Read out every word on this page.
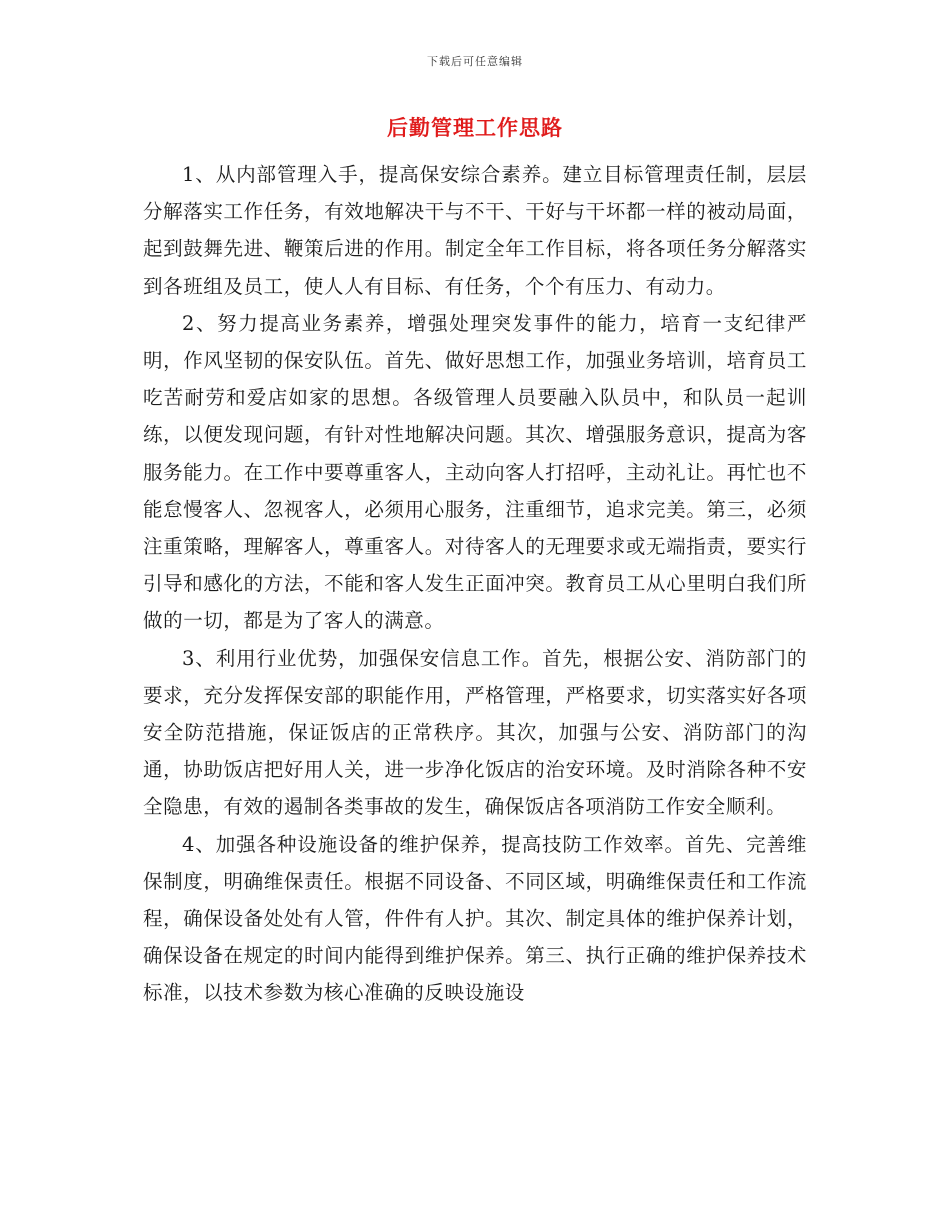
下载后可任意编辑
后勤管理工作思路

1、从内部管理入手，提高保安综合素养。建立目标管理责任制，层层分解落实工作任务，有效地解决干与不干、干好与干坏都一样的被动局面，起到鼓舞先进、鞭策后进的作用。制定全年工作目标，将各项任务分解落实到各班组及员工，使人人有目标、有任务，个个有压力、有动力。

2、努力提高业务素养，增强处理突发事件的能力，培育一支纪律严明，作风坚韧的保安队伍。首先、做好思想工作，加强业务培训，培育员工吃苦耐劳和爱店如家的思想。各级管理人员要融入队员中，和队员一起训练，以便发现问题，有针对性地解决问题。其次、增强服务意识，提高为客服务能力。在工作中要尊重客人，主动向客人打招呼，主动礼让。再忙也不能怠慢客人、忽视客人，必须用心服务，注重细节，追求完美。第三，必须注重策略，理解客人，尊重客人。对待客人的无理要求或无端指责，要实行引导和感化的方法，不能和客人发生正面冲突。教育员工从心里明白我们所做的一切，都是为了客人的满意。

3、利用行业优势，加强保安信息工作。首先，根据公安、消防部门的要求，充分发挥保安部的职能作用，严格管理，严格要求，切实落实好各项安全防范措施，保证饭店的正常秩序。其次，加强与公安、消防部门的沟通，协助饭店把好用人关，进一步净化饭店的治安环境。及时消除各种不安全隐患，有效的遏制各类事故的发生，确保饭店各项消防工作安全顺利。

4、加强各种设施设备的维护保养，提高技防工作效率。首先、完善维保制度，明确维保责任。根据不同设备、不同区域，明确维保责任和工作流程，确保设备处处有人管，件件有人护。其次、制定具体的维护保养计划，确保设备在规定的时间内能得到维护保养。第三、执行正确的维护保养技术标准，以技术参数为核心准确的反映设施设
